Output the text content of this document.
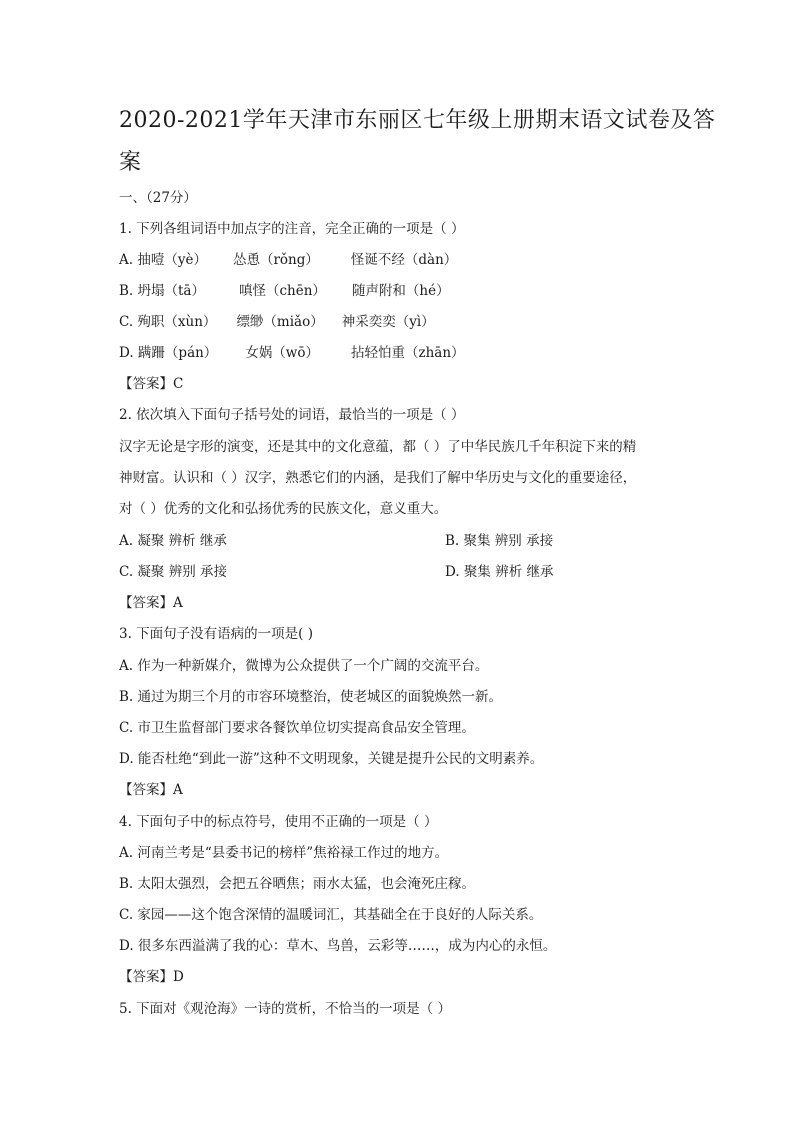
2020-2021学年天津市东丽区七年级上册期末语文试卷及答案
一、（27分）
1. 下列各组词语中加点字的注音，完全正确的一项是（ ）
A. 抽噎（yè） 怂恿（rǒng） 怪诞不经（dàn）
B. 坍塌（tā）	嗔怪（chēn） 随声附和（hé）
C. 殉职（xùn） 缥缈（miǎo） 神采奕奕（yì）
D. 蹒跚（pán） 女娲（wō） 拈轻怕重（zhān）
【答案】C
2. 依次填入下面句子括号处的词语，最恰当的一项是（ ）
汉字无论是字形的演变，还是其中的文化意蕴，都（ ）了中华民族几千年积淀下来的精
神财富。认识和（ ）汉字，熟悉它们的内涵，是我们了解中华历史与文化的重要途径，
对（ ）优秀的文化和弘扬优秀的民族文化，意义重大。
A. 凝聚 辨析 继承	B. 聚集 辨别 承接
C. 凝聚 辨别 承接	D. 聚集 辨析 继承
【答案】A
3. 下面句子没有语病的一项是( )
A. 作为一种新媒介，微博为公众提供了一个广阔的交流平台。
B. 通过为期三个月的市容环境整治，使老城区的面貌焕然一新。
C. 市卫生监督部门要求各餐饮单位切实提高食品安全管理。
D. 能否杜绝“到此一游”这种不文明现象，关键是提升公民的文明素养。
【答案】A
4. 下面句子中的标点符号，使用不正确的一项是（ ）
A. 河南兰考是“县委书记的榜样”焦裕禄工作过的地方。
B. 太阳太强烈，会把五谷晒焦；雨水太猛，也会淹死庄稼。
C. 家园——这个饱含深情的温暖词汇，其基础全在于良好的人际关系。
D. 很多东西溢满了我的心：草木、鸟兽，云彩等……，成为内心的永恒。
【答案】D
5. 下面对《观沧海》一诗的赏析，不恰当的一项是（ ）
